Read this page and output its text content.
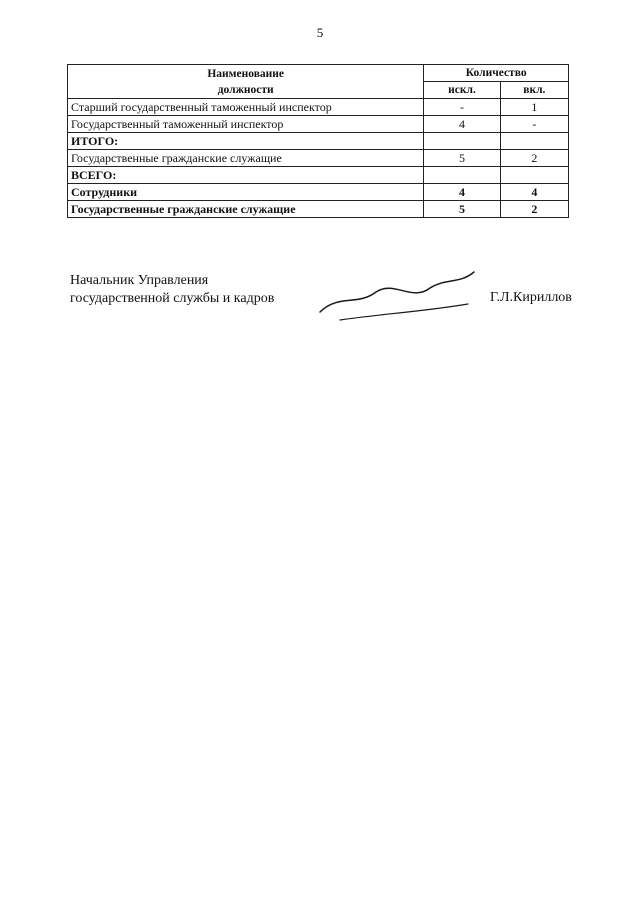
5
Наименоваиие
должности	Количество	
	искл.	вкл.
Старший государственный таможенный инспектор	-	1
Государственный таможенный инспектор	4	-
ИТОГО:		
Государственные гражданские служащие	5	2
ВСЕГО:		
Сотрудники	4	4
Государственные гражданские служащие	5	2
Начальник Управления
государственной службы и кадров	Г.Л.Кириллов
